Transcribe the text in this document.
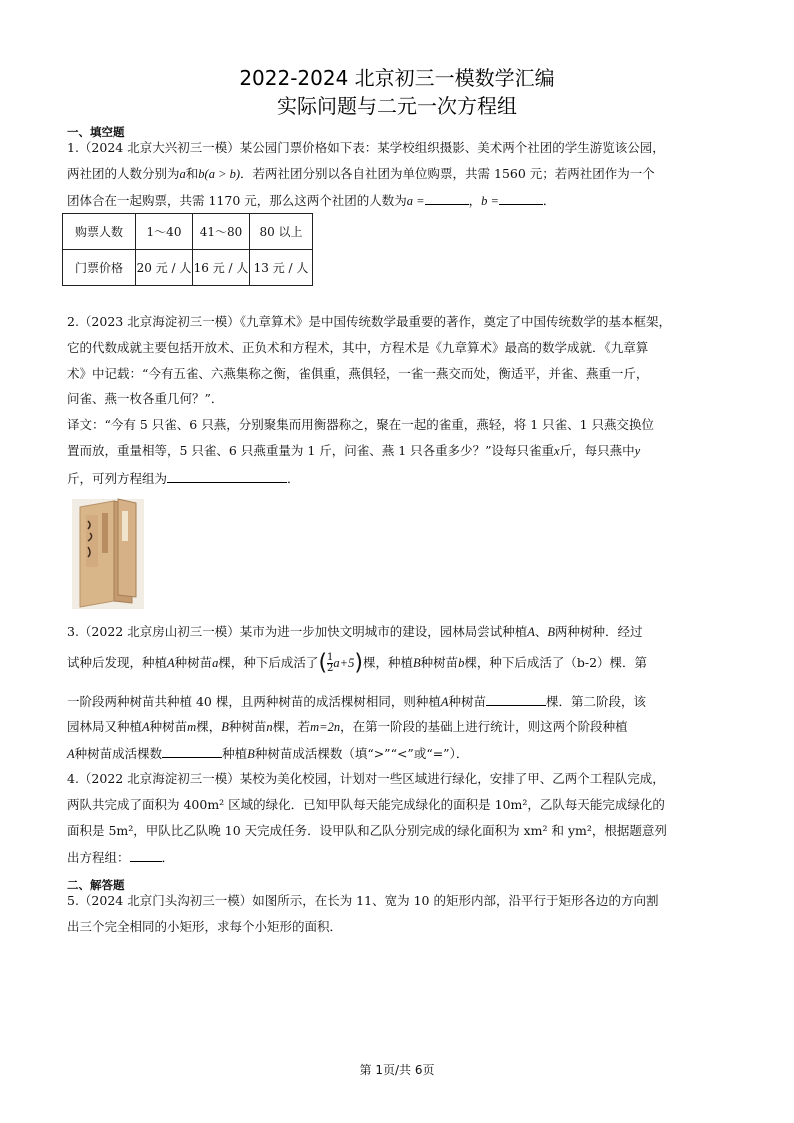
2022-2024 北京初三一模数学汇编
实际问题与二元一次方程组
一、填空题
1.（2024 北京大兴初三一模）某公园门票价格如下表：某学校组织摄影、美术两个社团的学生游览该公园，
两社团的人数分别为a和b(a > b)．若两社团分别以各自社团为单位购票，共需 1560 元；若两社团作为一个
团体合在一起购票，共需 1170 元，那么这两个社团的人数为a =	，b =	．
购票人数	1～40	41～80	80 以上
门票价格	20 元 / 人	16 元 / 人	13 元 / 人
2.（2023 北京海淀初三一模）《九章算术》是中国传统数学最重要的著作，奠定了中国传统数学的基本框架，
它的代数成就主要包括开放术、正负术和方程术，其中，方程术是《九章算术》最高的数学成就．《九章算
术》中记载：“今有五雀、六燕集称之衡，雀俱重，燕俱轻，一雀一燕交而处，衡适平，并雀、燕重一斤，
问雀、燕一枚各重几何？”．
译文：“今有 5 只雀、6 只燕，分别聚集而用衡器称之，聚在一起的雀重，燕轻，将 1 只雀、1 只燕交换位
置而放，重量相等，5 只雀、6 只燕重量为 1 斤，问雀、燕 1 只各重多少？”设每只雀重x斤，每只燕中y
斤，可列方程组为	．
3.（2022 北京房山初三一模）某市为进一步加快文明城市的建设，园林局尝试种植A、B两种树种．经过
试种后发现，种植A种树苗a棵，种下后成活了( $\frac{1}{2} a+5$)棵，种植B种树苗b棵，种下后成活了（b-2）棵．第
一阶段两种树苗共种植 40 棵，且两种树苗的成活棵树相同，则种植A种树苗	棵．第二阶段，该
园林局又种植A种树苗m棵，B种树苗n棵，若m=2n，在第一阶段的基础上进行统计，则这两个阶段种植
A种树苗成活棵数	种植B种树苗成活棵数（填“>”“<”或“=”）．
4.（2022 北京海淀初三一模）某校为美化校园，计划对一些区域进行绿化，安排了甲、乙两个工程队完成，
两队共完成了面积为 400m² 区域的绿化．已知甲队每天能完成绿化的面积是 10m²，乙队每天能完成绿化的
面积是 5m²，甲队比乙队晚 10 天完成任务．设甲队和乙队分别完成的绿化面积为 xm² 和 ym²，根据题意列
出方程组：	．
二、解答题
5.（2024 北京门头沟初三一模）如图所示，在长为 11、宽为 10 的矩形内部，沿平行于矩形各边的方向割
出三个完全相同的小矩形，求每个小矩形的面积．
第 1页/共 6页
